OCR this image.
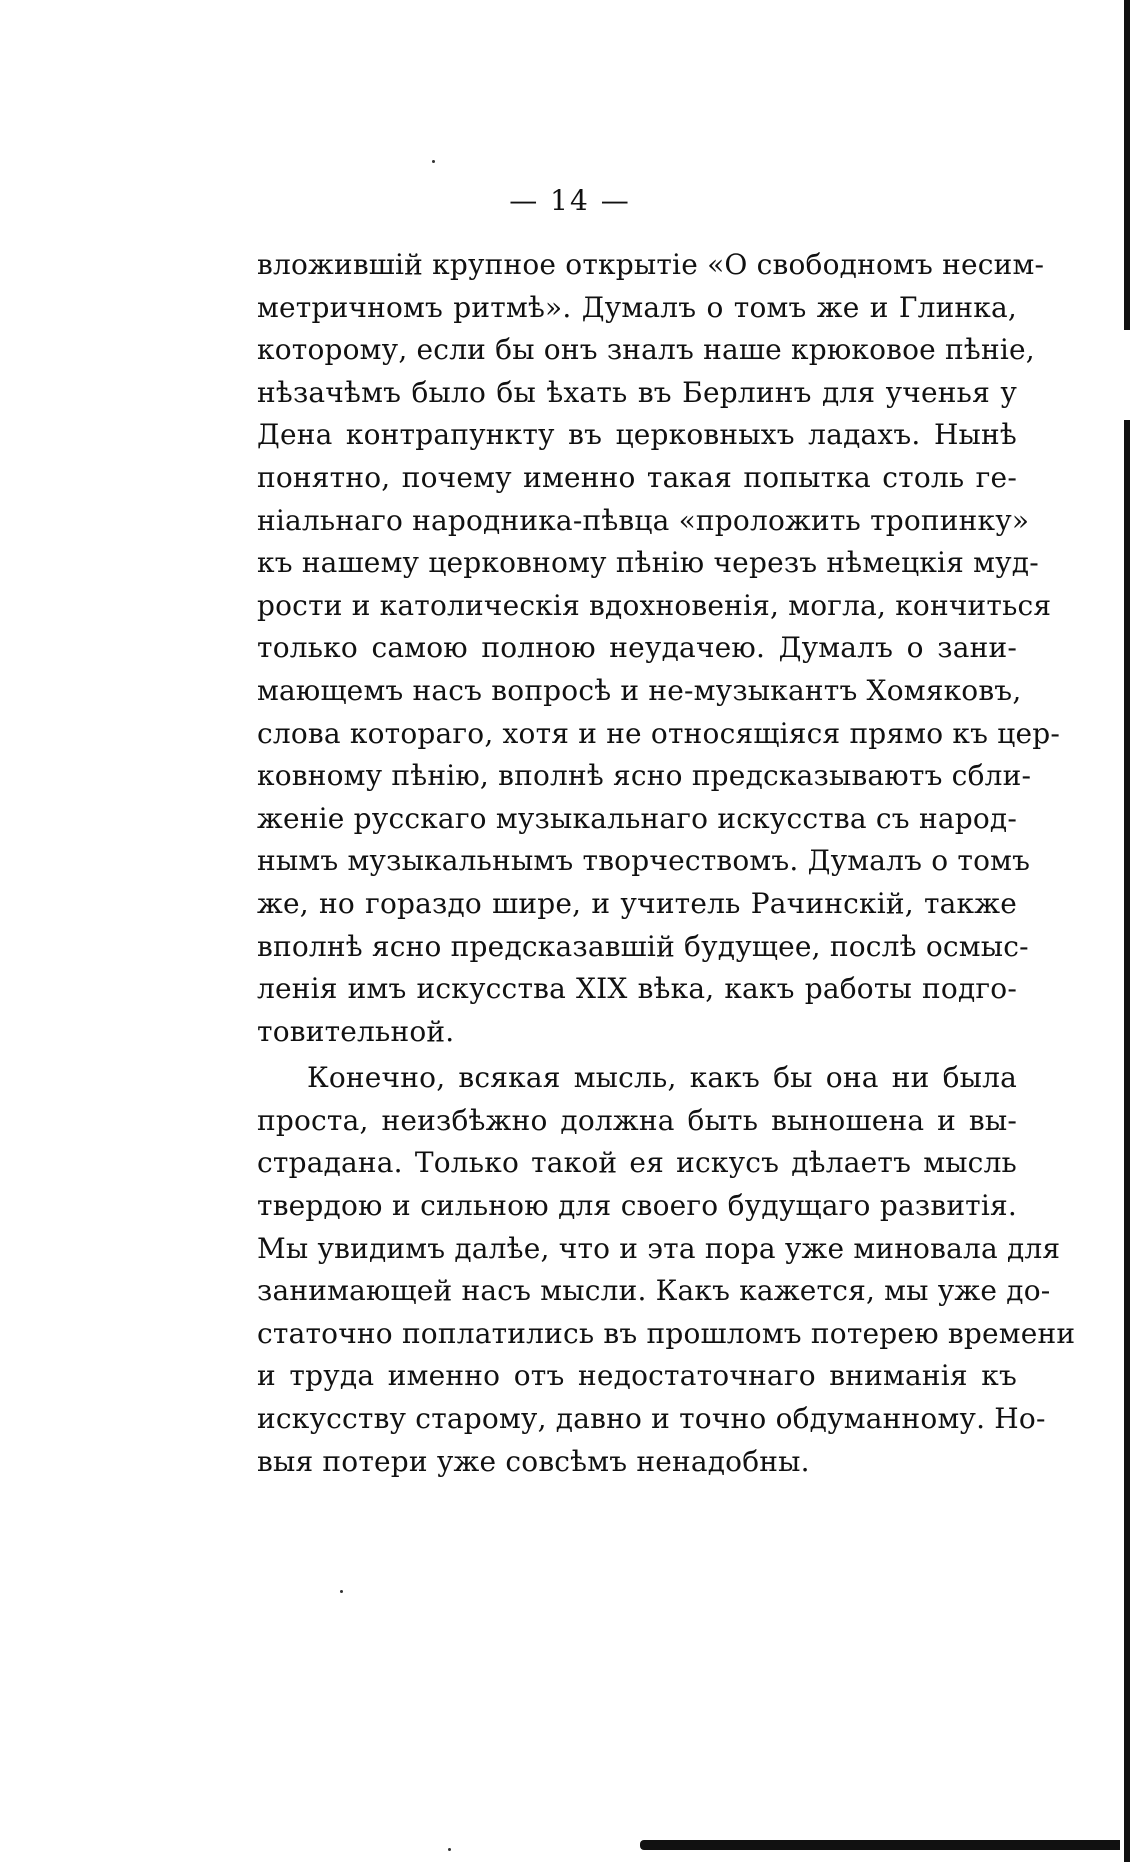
— 14 —
вложившій крупное открытіе «О свободномъ несим-
метричномъ ритмѣ». Думалъ о томъ же и Глинка,
которому, если бы онъ зналъ наше крюковое пѣніе,
нѣзачѣмъ было бы ѣхать въ Берлинъ для ученья у
Дена контрапункту въ церковныхъ ладахъ. Нынѣ
понятно, почему именно такая попытка столь ге-
ніальнаго народника-пѣвца «проложить тропинку»
къ нашему церковному пѣнію черезъ нѣмецкія муд-
рости и католическія вдохновенія, могла, кончиться
только самою полною неудачею. Думалъ о зани-
мающемъ насъ вопросѣ и не-музыкантъ Хомяковъ,
слова котораго, хотя и не относящіяся прямо къ цер-
ковному пѣнію, вполнѣ ясно предсказываютъ сбли-
женіе русскаго музыкальнаго искусства съ народ-
нымъ музыкальнымъ творчествомъ. Думалъ о томъ
же, но гораздо шире, и учитель Рачинскій, также
вполнѣ ясно предсказавшій будущее, послѣ осмыс-
ленія имъ искусства XIX вѣка, какъ работы подго-
товительной.
Конечно, всякая мысль, какъ бы она ни была
проста, неизбѣжно должна быть выношена и вы-
страдана. Только такой ея искусъ дѣлаетъ мысль
твердою и сильною для своего будущаго развитія.
Мы увидимъ далѣе, что и эта пора уже миновала для
занимающей насъ мысли. Какъ кажется, мы уже до-
статочно поплатились въ прошломъ потерею времени
и труда именно отъ недостаточнаго вниманія къ
искусству старому, давно и точно обдуманному. Но-
выя потери уже совсѣмъ ненадобны.
